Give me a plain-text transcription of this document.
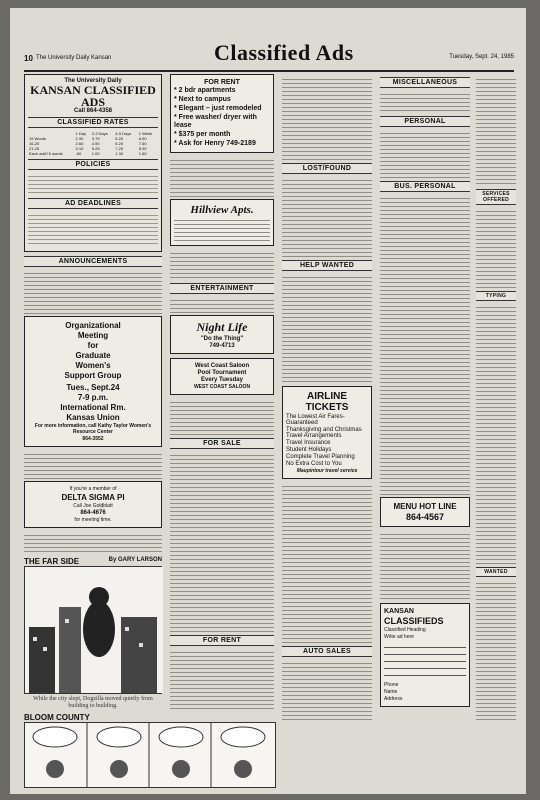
10 The University Daily Kansan	Classified Ads	Tuesday, Sept. 24, 1985
The University Daily
KANSAN CLASSIFIED ADS
Call 864-4358
CLASSIFIED RATES
	1 Day	2-3 Days	4-5 Days	1 Week
15 Words	2.30	3.75	5.20	6.50
16-20	2.60	4.50	6.20	7.60
21-25	3.10	5.25	7.20	8.90
Each add'l 5 words	.60	1.00	1.30	1.60
POLICIES
AD DEADLINES
ANNOUNCEMENTS
Organizational
Meeting
for
Graduate
Women's
Support Group
Tues., Sept.24
7-9 p.m.
International Rm.
Kansas Union
For more information, call Kathy Taylor Women's Resource Center
864-3552
If you're a member of
DELTA SIGMA PI
Call Joe Goldblatt
864-4676
for meeting time.
THE FAR SIDE	By GARY LARSON
While the city slept, Dogzilla moved quietly from building to building.
BLOOM COUNTY
FOR RENT
* 2 bdr apartments
* Next to campus
* Elegant – just remodeled
* Free washer/ dryer with lease
* $375 per month
* Ask for Henry 749-2189
Hillview Apts.
ENTERTAINMENT
Night Life
"Do the Thing"
749-4713
West Coast Saloon
Pool Tournament
Every Tuesday
WEST COAST SALOON
FOR SALE
FOR RENT
LOST/FOUND
HELP WANTED
AIRLINE TICKETS
The Lowest Air Fares-Guaranteed
Thanksgiving and Christmas Travel Arrangements
Travel Insurance
Student Holidays
Complete Travel Planning
No Extra Cost to You
Maupintour travel service
AUTO SALES
MISCELLANEOUS
PERSONAL
BUS. PERSONAL
MENU HOT LINE
864-4567
KANSAN
CLASSIFIEDS
Classified Heading
Write ad here
Phone
Name
Address
SERVICES OFFERED
TYPING
WANTED
